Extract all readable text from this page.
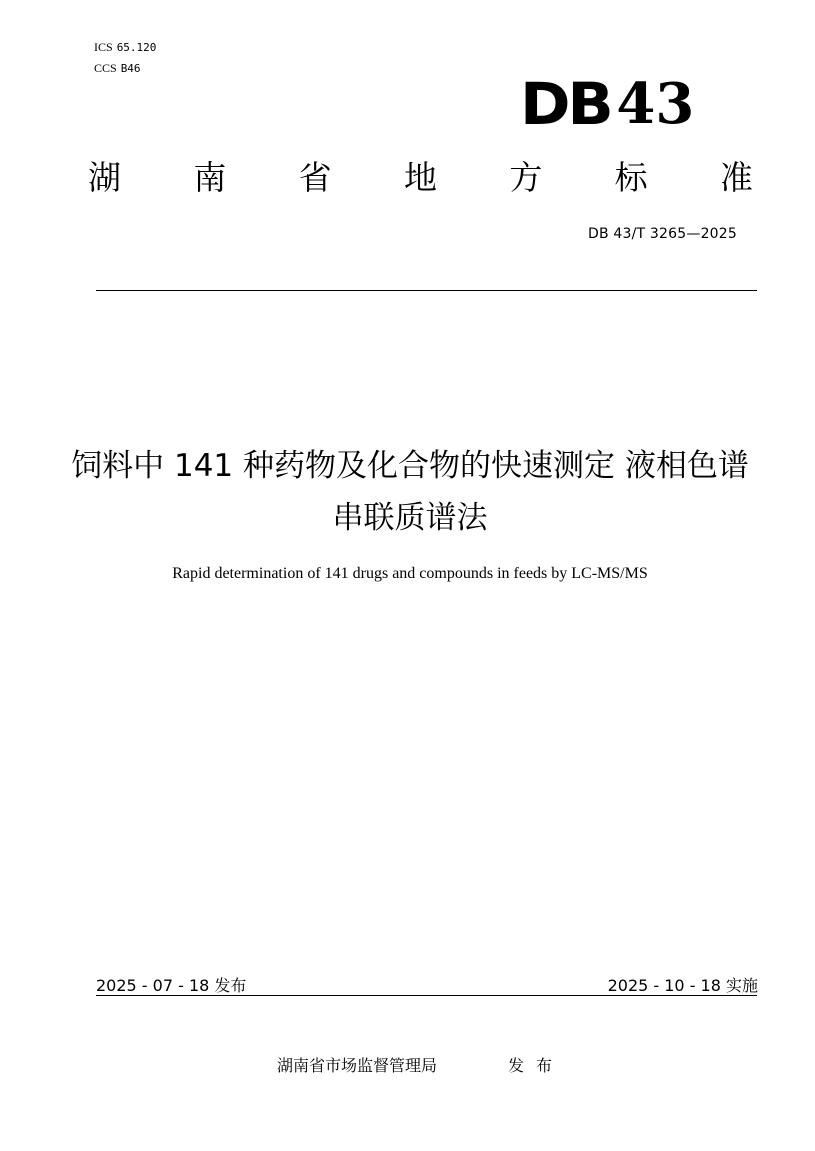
ICS 65.120
CCS B46
DB 43
湖 南 省 地 方 标 准
DB 43/T 3265—2025
饲料中 141 种药物及化合物的快速测定 液相色谱串联质谱法
Rapid determination of 141 drugs and compounds in feeds by LC-MS/MS
2025 - 07 - 18 发布	2025 - 10 - 18 实施
湖南省市场监督管理局	发布
